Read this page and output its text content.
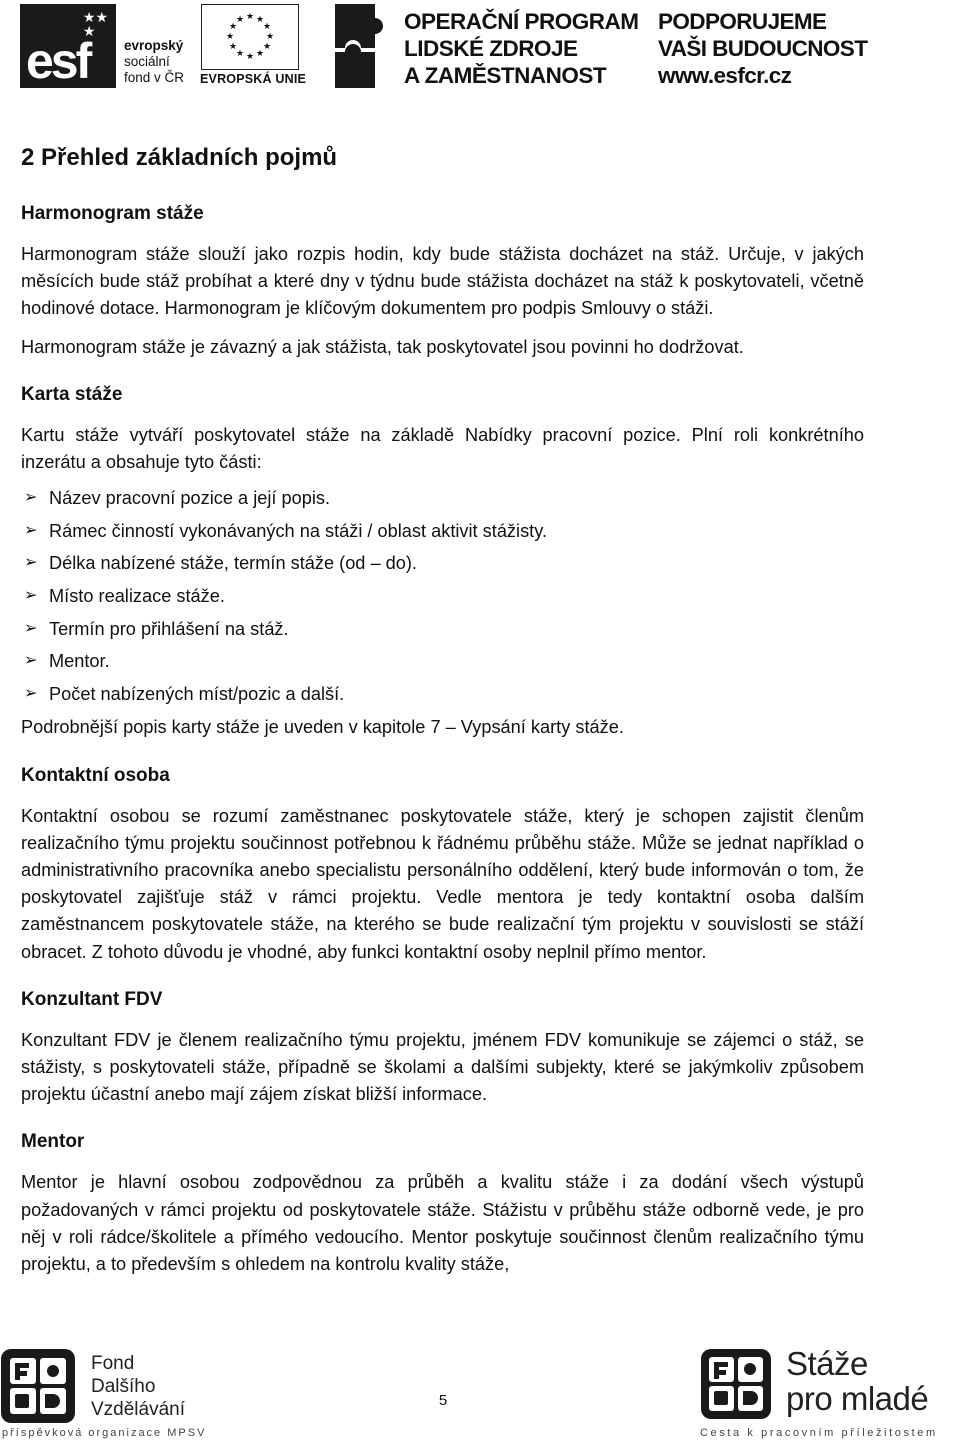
★★
★
esf	evropský
sociální
fond v ČR
★ ★
★
★
★
★
★
★
★
★
★
★
EVROPSKÁ UNIE
OPERAČNÍ PROGRAM
LIDSKÉ ZDROJE
A ZAMĚSTNANOST
PODPORUJEME
VAŠI BUDOUCNOST
www.esfcr.cz
2 Přehled základních pojmů
Harmonogram stáže

Harmonogram stáže slouží jako rozpis hodin, kdy bude stážista docházet na stáž. Určuje, v jakých měsících bude stáž probíhat a které dny v týdnu bude stážista docházet na stáž k poskytovateli, včetně hodinové dotace. Harmonogram je klíčovým dokumentem pro podpis Smlouvy o stáži.

Harmonogram stáže je závazný a jak stážista, tak poskytovatel jsou povinni ho dodržovat.

Karta stáže

Kartu stáže vytváří poskytovatel stáže na základě Nabídky pracovní pozice. Plní roli konkrétního inzerátu a obsahuje tyto části:

➢ Název pracovní pozice a její popis.
➢ Rámec činností vykonávaných na stáži / oblast aktivit stážisty.
➢ Délka nabízené stáže, termín stáže (od – do).
➢ Místo realizace stáže.
➢ Termín pro přihlášení na stáž.
➢ Mentor.
➢ Počet nabízených míst/pozic a další.

Podrobnější popis karty stáže je uveden v kapitole 7 – Vypsání karty stáže.

Kontaktní osoba

Kontaktní osobou se rozumí zaměstnanec poskytovatele stáže, který je schopen zajistit členům realizačního týmu projektu součinnost potřebnou k řádnému průběhu stáže. Může se jednat například o administrativního pracovníka anebo specialistu personálního oddělení, který bude informován o tom, že poskytovatel zajišťuje stáž v rámci projektu. Vedle mentora je tedy kontaktní osoba dalším zaměstnancem poskytovatele stáže, na kterého se bude realizační tým projektu v souvislosti se stáží obracet. Z tohoto důvodu je vhodné, aby funkci kontaktní osoby neplnil přímo mentor.

Konzultant FDV

Konzultant FDV je členem realizačního týmu projektu, jménem FDV komunikuje se zájemci o stáž, se stážisty, s poskytovateli stáže, případně se školami a dalšími subjekty, které se jakýmkoliv způsobem projektu účastní anebo mají zájem získat bližší informace.

Mentor

Mentor je hlavní osobou zodpovědnou za průběh a kvalitu stáže i za dodání všech výstupů požadovaných v rámci projektu od poskytovatele stáže. Stážistu v průběhu stáže odborně vede, je pro něj v roli rádce/školitele a přímého vedoucího. Mentor poskytuje součinnost členům realizačního týmu projektu, a to především s ohledem na kontrolu kvality stáže,

Fond
Dalšího
Vzdělávání
příspěvková organizace MPSV
5
Stáže
pro mladé
Cesta k pracovním příležitostem
